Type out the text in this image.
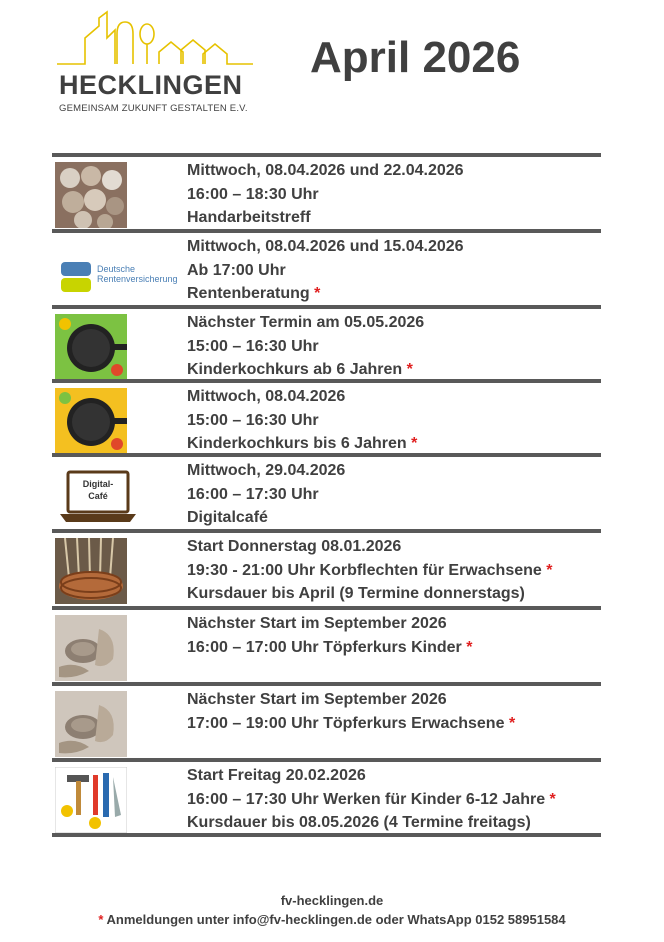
HECKLINGEN
GEMEINSAM ZUKUNFT GESTALTEN E.V.
April 2026
Mittwoch, 08.04.2026 und 22.04.2026
16:00 – 18:30 Uhr
Handarbeitstreff
Deutsche Rentenversicherung
Mittwoch, 08.04.2026 und 15.04.2026
Ab 17:00 Uhr
Rentenberatung *
Nächster Termin am 05.05.2026
15:00 – 16:30 Uhr
Kinderkochkurs ab 6 Jahren *
Mittwoch, 08.04.2026
15:00 – 16:30 Uhr
Kinderkochkurs bis 6 Jahren *
Digital-Café
Mittwoch, 29.04.2026
16:00 – 17:30 Uhr
Digitalcafé
Start Donnerstag 08.01.2026
19:30 - 21:00 Uhr Korbflechten für Erwachsene *
Kursdauer bis April (9 Termine donnerstags)
Nächster Start im September 2026
16:00 – 17:00 Uhr Töpferkurs Kinder *
Nächster Start im September 2026
17:00 – 19:00 Uhr Töpferkurs Erwachsene *
Start Freitag 20.02.2026
16:00 – 17:30 Uhr Werken für Kinder 6-12 Jahre *
Kursdauer bis 08.05.2026 (4 Termine freitags)
fv-hecklingen.de
* Anmeldungen unter info@fv-hecklingen.de oder WhatsApp 0152 58951584
